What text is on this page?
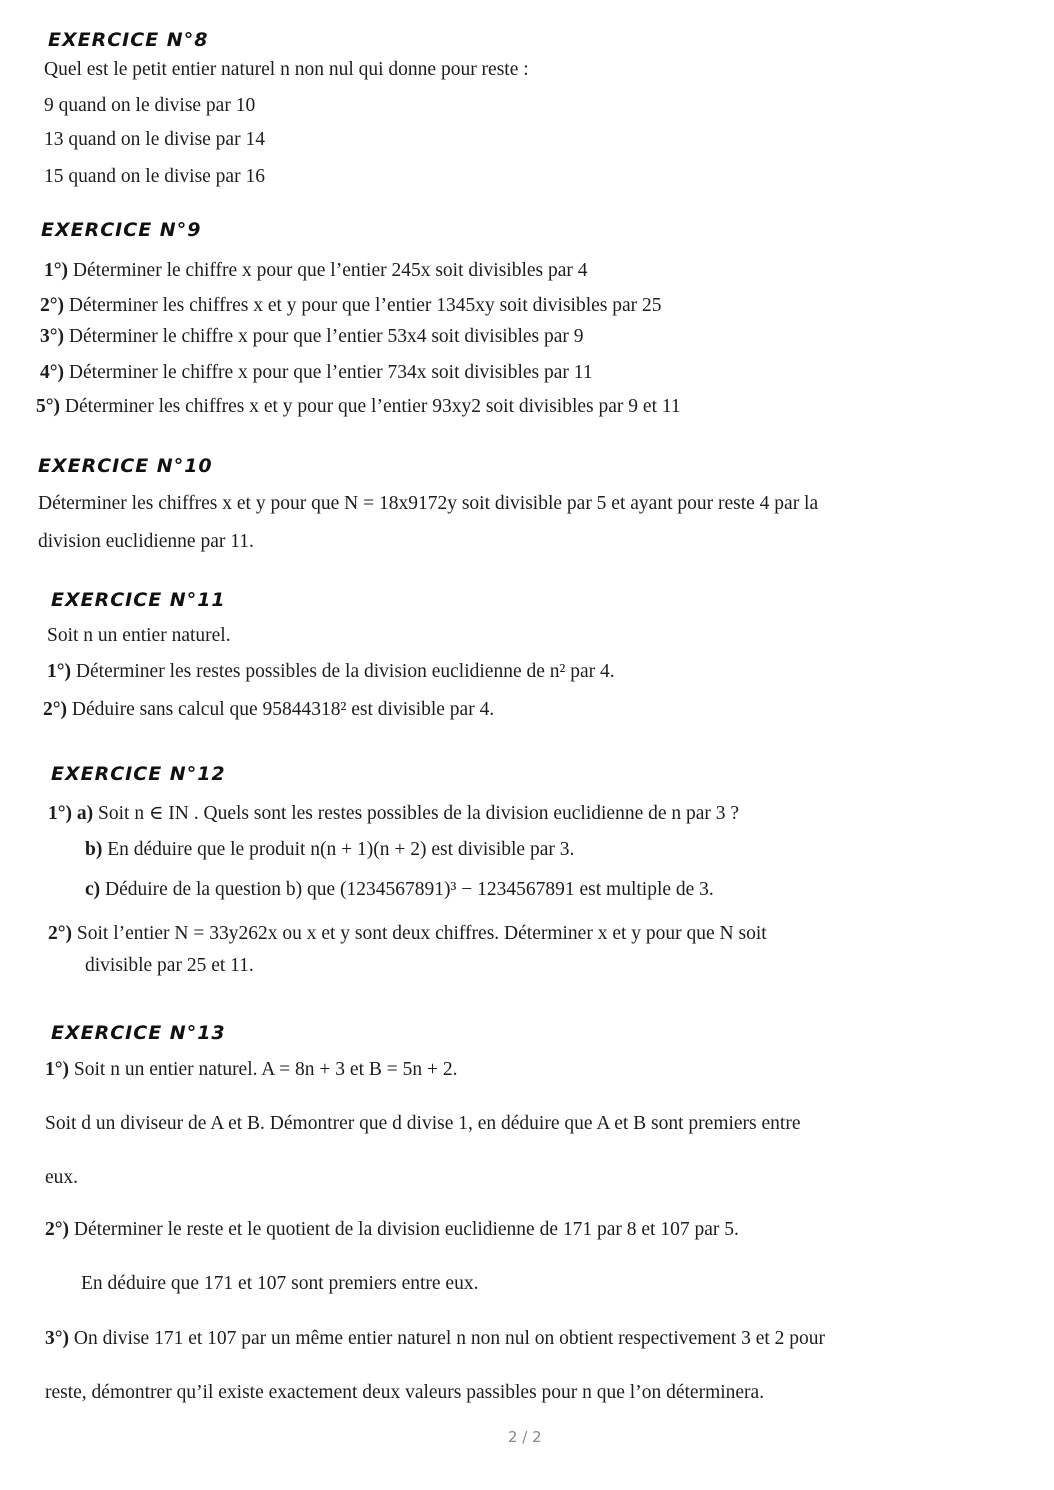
EXERCICE N°8
Quel est le petit entier naturel n non nul qui donne pour reste :
9 quand on le divise par 10
13 quand on le divise par 14
15 quand on le divise par 16
EXERCICE N°9
1°) Déterminer le chiffre x pour que l’entier 245x soit divisibles par 4
2°) Déterminer les chiffres x et y pour que l’entier 1345xy soit divisibles par 25
3°) Déterminer le chiffre x pour que l’entier 53x4 soit divisibles par 9
4°) Déterminer le chiffre x pour que l’entier 734x soit divisibles par 11
5°) Déterminer les chiffres x et y pour que l’entier 93xy2 soit divisibles par 9 et 11
EXERCICE N°10
Déterminer les chiffres x et y pour que N = 18x9172y soit divisible par 5 et ayant pour reste 4 par la
division euclidienne par 11.
EXERCICE N°11
Soit n un entier naturel.
1°) Déterminer les restes possibles de la division euclidienne de n² par 4.
2°) Déduire sans calcul que 95844318² est divisible par 4.
EXERCICE N°12
1°) a) Soit n ∈ IN . Quels sont les restes possibles de la division euclidienne de n par 3 ?
b) En déduire que le produit n(n + 1)(n + 2) est divisible par 3.
c) Déduire de la question b) que (1234567891)³ − 1234567891 est multiple de 3.
2°) Soit l’entier N = 33y262x ou x et y sont deux chiffres. Déterminer x et y pour que N soit
divisible par 25 et 11.
EXERCICE N°13
1°) Soit n un entier naturel. A = 8n + 3 et B = 5n + 2.
Soit d un diviseur de A et B. Démontrer que d divise 1, en déduire que A et B sont premiers entre
eux.
2°) Déterminer le reste et le quotient de la division euclidienne de 171 par 8 et 107 par 5.
En déduire que 171 et 107 sont premiers entre eux.
3°) On divise 171 et 107 par un même entier naturel n non nul on obtient respectivement 3 et 2 pour
reste, démontrer qu’il existe exactement deux valeurs passibles pour n que l’on déterminera.
2 / 2
